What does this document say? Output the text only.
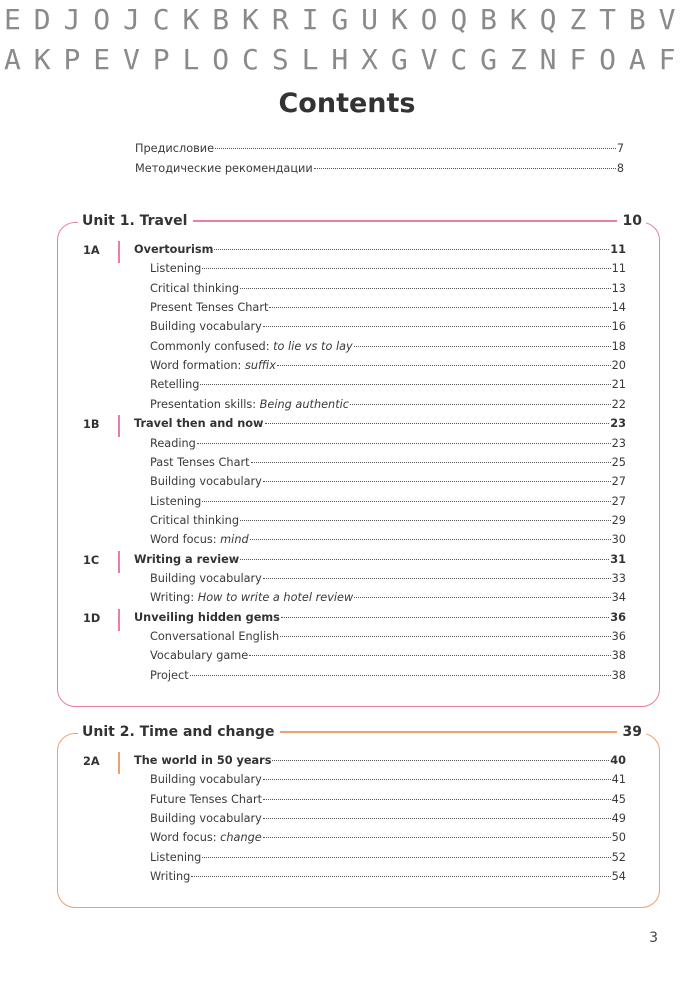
EDJOJCKBKRIGUKOQBKQZTBVAKPEVPLOCSLHXGVCGZNFOAF
Contents
Предисловие	7
Методические рекомендации	8
Unit 1. Travel	10
1A	Overtourism	11
Listening	11
Critical thinking	13
Present Tenses Chart	14
Building vocabulary	16
Commonly confused: to lie vs to lay	18
Word formation: suffix	20
Retelling	21
Presentation skills: Being authentic	22
1B	Travel then and now	23
Reading	23
Past Tenses Chart	25
Building vocabulary	27
Listening	27
Critical thinking	29
Word focus: mind	30
1C	Writing a review	31
Building vocabulary	33
Writing: How to write a hotel review	34
1D	Unveiling hidden gems	36
Conversational English	36
Vocabulary game	38
Project	38
Unit 2. Time and change	39
2A	The world in 50 years	40
Building vocabulary	41
Future Tenses Chart	45
Building vocabulary	49
Word focus: change	50
Listening	52
Writing	54
3
